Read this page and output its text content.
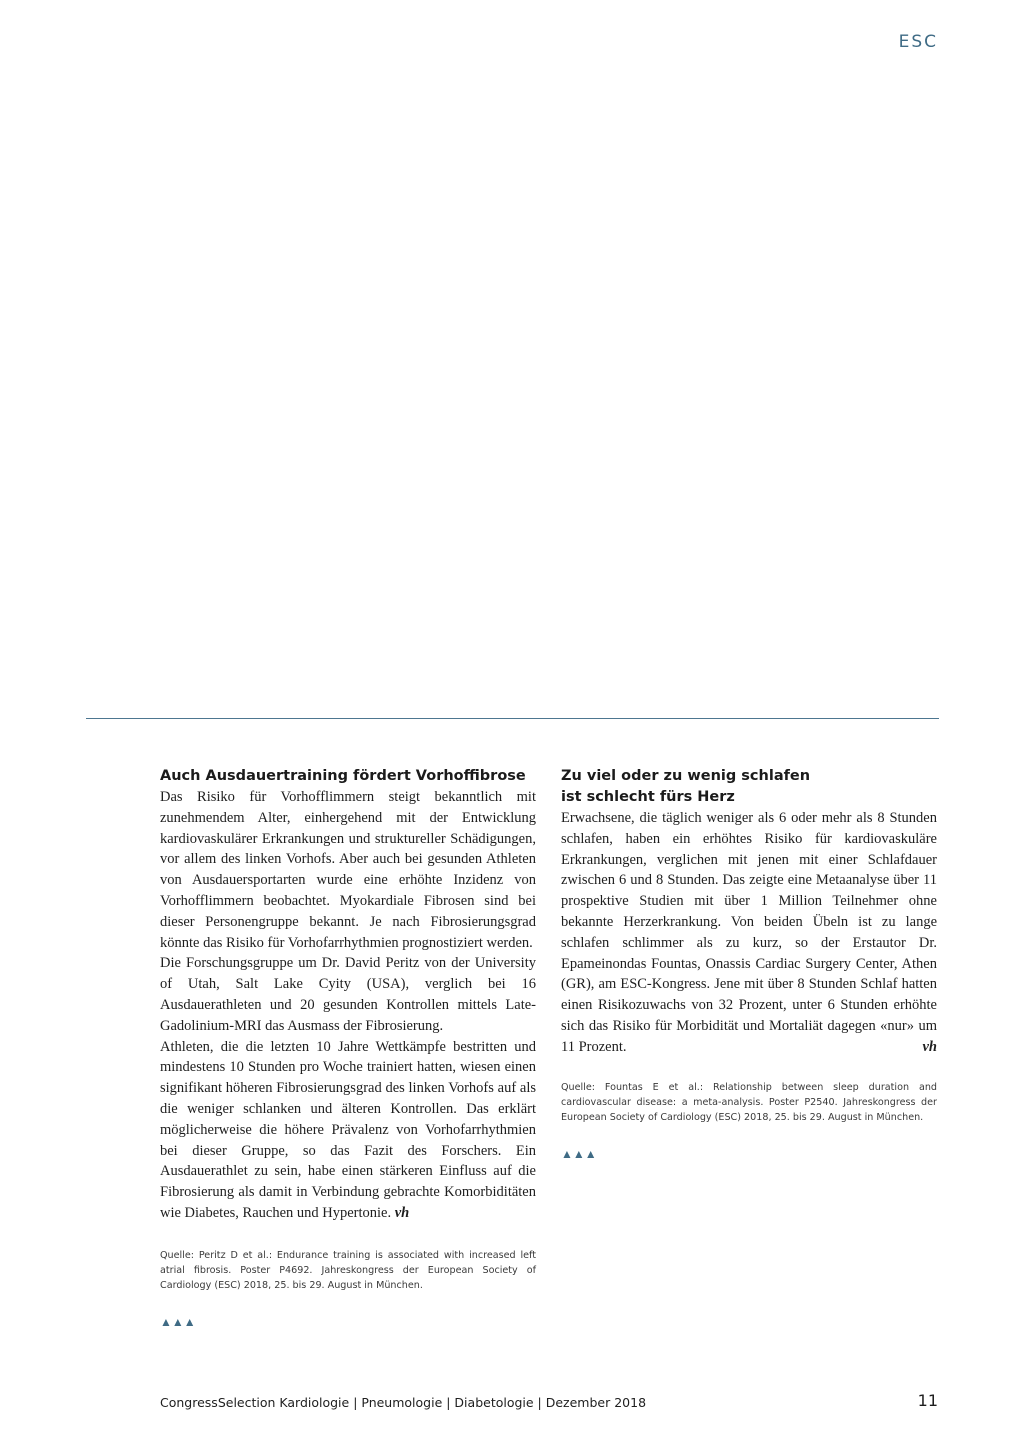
ESC
Auch Ausdauertraining fördert Vorhoffibrose

Das Risiko für Vorhofflimmern steigt bekanntlich mit zunehmendem Alter, einhergehend mit der Entwicklung kardiovaskulärer Erkrankungen und struktureller Schädigungen, vor allem des linken Vorhofs. Aber auch bei gesunden Athleten von Ausdauersportarten wurde eine erhöhte Inzidenz von Vorhofflimmern beobachtet. Myokardiale Fibrosen sind bei dieser Personengruppe bekannt. Je nach Fibrosierungsgrad könnte das Risiko für Vorhofarrhythmien prognostiziert werden.

Die Forschungsgruppe um Dr. David Peritz von der University of Utah, Salt Lake Cyity (USA), verglich bei 16 Ausdauerathleten und 20 gesunden Kontrollen mittels Late-Gadolinium-MRI das Ausmass der Fibrosierung.

Athleten, die die letzten 10 Jahre Wettkämpfe bestritten und mindestens 10 Stunden pro Woche trainiert hatten, wiesen einen signifikant höheren Fibrosierungsgrad des linken Vorhofs auf als die weniger schlanken und älteren Kontrollen. Das erklärt möglicherweise die höhere Prävalenz von Vorhofarrhythmien bei dieser Gruppe, so das Fazit des Forschers. Ein Ausdauerathlet zu sein, habe einen stärkeren Einfluss auf die Fibrosierung als damit in Verbindung gebrachte Komorbiditäten wie Diabetes, Rauchen und Hypertonie. vh

Quelle: Peritz D et al.: Endurance training is associated with increased left atrial fibrosis. Poster P4692. Jahreskongress der European Society of Cardiology (ESC) 2018, 25. bis 29. August in München.

▲▲▲
Zu viel oder zu wenig schlafen
ist schlecht fürs Herz

Erwachsene, die täglich weniger als 6 oder mehr als 8 Stunden schlafen, haben ein erhöhtes Risiko für kardiovaskuläre Erkrankungen, verglichen mit jenen mit einer Schlafdauer zwischen 6 und 8 Stunden. Das zeigte eine Metaanalyse über 11 prospektive Studien mit über 1 Million Teilnehmer ohne bekannte Herzerkrankung. Von beiden Übeln ist zu lange schlafen schlimmer als zu kurz, so der Erstautor Dr. Epameinondas Fountas, Onassis Cardiac Surgery Center, Athen (GR), am ESC-Kongress. Jene mit über 8 Stunden Schlaf hatten einen Risikozuwachs von 32 Prozent, unter 6 Stunden erhöhte sich das Risiko für Morbidität und Mortaliät dagegen «nur» um 11 Prozent.	vh

Quelle: Fountas E et al.: Relationship between sleep duration and cardiovascular disease: a meta-analysis. Poster P2540. Jahreskongress der European Society of Cardiology (ESC) 2018, 25. bis 29. August in München.

▲▲▲
CongressSelection Kardiologie | Pneumologie | Diabetologie | Dezember 2018	11
